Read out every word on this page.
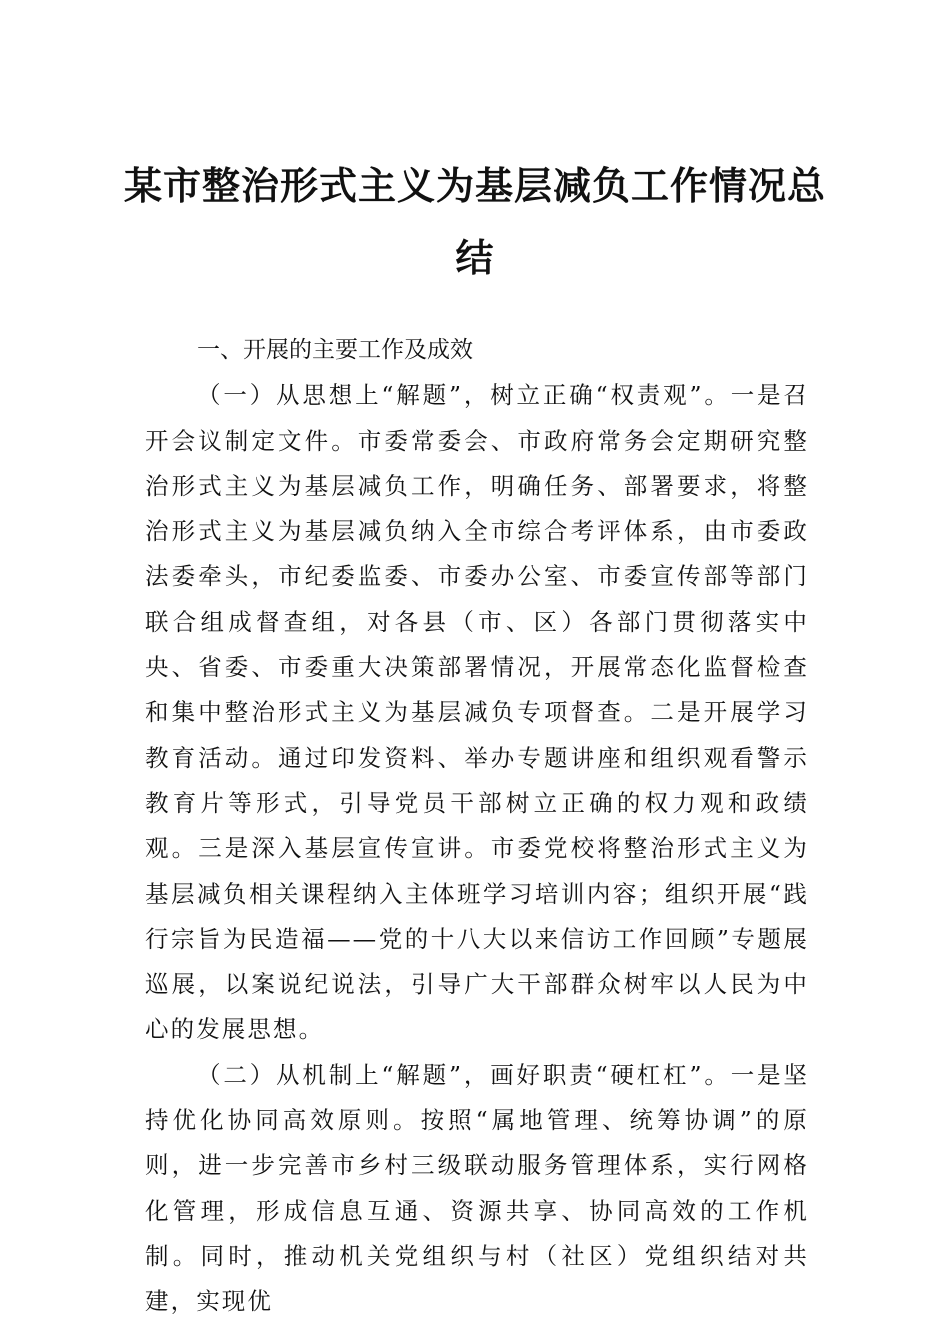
某市整治形式主义为基层减负工作情况总结
一、开展的主要工作及成效

（一）从思想上“解题”，树立正确“权责观”。一是召开会议制定文件。市委常委会、市政府常务会定期研究整治形式主义为基层减负工作，明确任务、部署要求，将整治形式主义为基层减负纳入全市综合考评体系，由市委政法委牵头，市纪委监委、市委办公室、市委宣传部等部门联合组成督查组，对各县（市、区）各部门贯彻落实中央、省委、市委重大决策部署情况，开展常态化监督检查和集中整治形式主义为基层减负专项督查。二是开展学习教育活动。通过印发资料、举办专题讲座和组织观看警示教育片等形式，引导党员干部树立正确的权力观和政绩观。三是深入基层宣传宣讲。市委党校将整治形式主义为基层减负相关课程纳入主体班学习培训内容；组织开展“践行宗旨为民造福——党的十八大以来信访工作回顾”专题展巡展，以案说纪说法，引导广大干部群众树牢以人民为中心的发展思想。

（二）从机制上“解题”，画好职责“硬杠杠”。一是坚持优化协同高效原则。按照“属地管理、统筹协调”的原则，进一步完善市乡村三级联动服务管理体系，实行网格化管理，形成信息互通、资源共享、协同高效的工作机制。同时，推动机关党组织与村（社区）党组织结对共建，实现优
